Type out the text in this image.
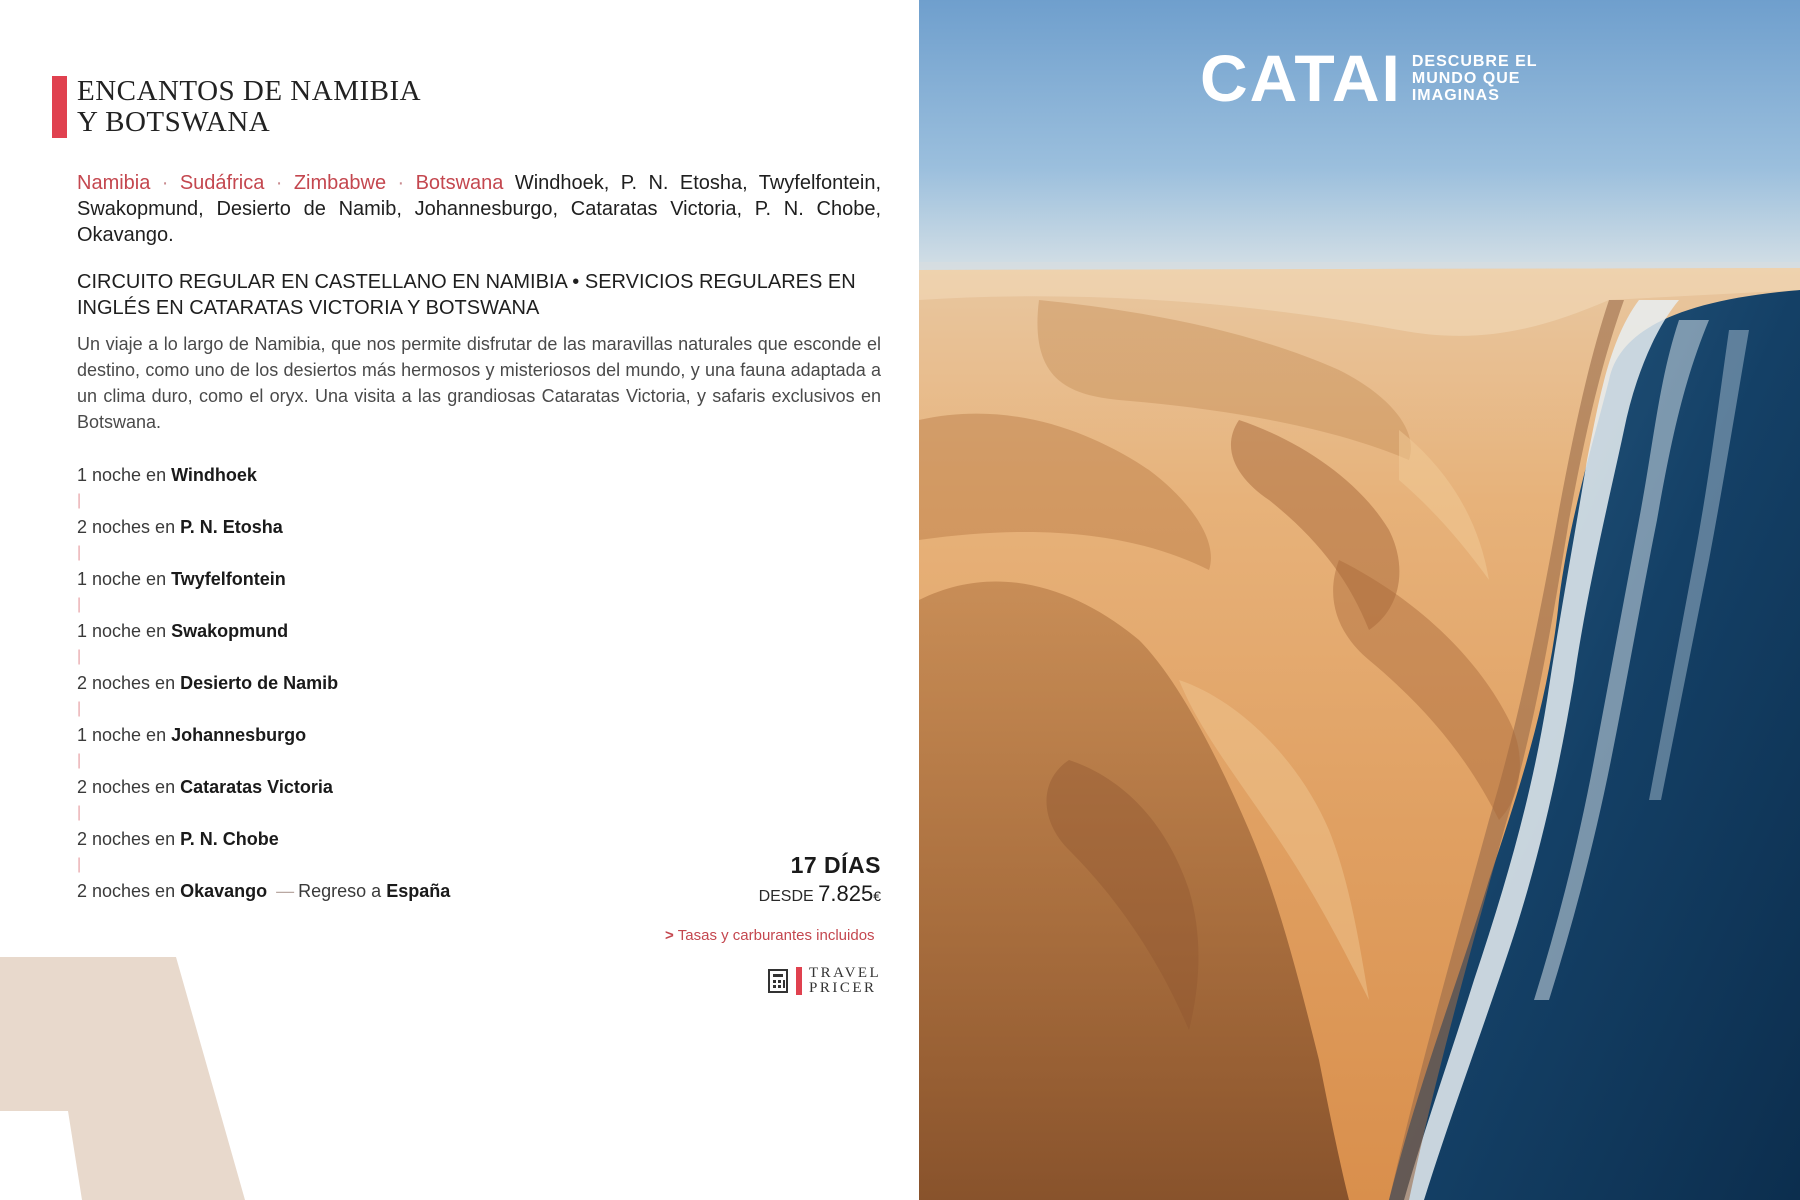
ENCANTOS DE NAMIBIA
Y BOTSWANA
Namibia · Sudáfrica · Zimbabwe · Botswana Windhoek, P. N. Etosha, Twyfelfontein, Swakopmund, Desierto de Namib, Johannesburgo, Cataratas Victoria, P. N. Chobe, Okavango.
CIRCUITO REGULAR EN CASTELLANO EN NAMIBIA • SERVICIOS REGULARES EN INGLÉS EN CATARATAS VICTORIA Y BOTSWANA
Un viaje a lo largo de Namibia, que nos permite disfrutar de las maravillas naturales que esconde el destino, como uno de los desiertos más hermosos y misteriosos del mundo, y una fauna adaptada a un clima duro, como el oryx. Una visita a las grandiosas Cataratas Victoria, y safaris exclusivos en Botswana.
1 noche en Windhoek
|
2 noches en P. N. Etosha
|
1 noche en Twyfelfontein
|
1 noche en Swakopmund
|
2 noches en Desierto de Namib
|
1 noche en Johannesburgo
|
2 noches en Cataratas Victoria
|
2 noches en P. N. Chobe
|
2 noches en Okavango — Regreso a España
17 DÍAS
DESDE 7.825€
> Tasas y carburantes incluidos
TRAVEL
PRICER
CATAI DESCUBRE EL
MUNDO QUE
IMAGINAS
